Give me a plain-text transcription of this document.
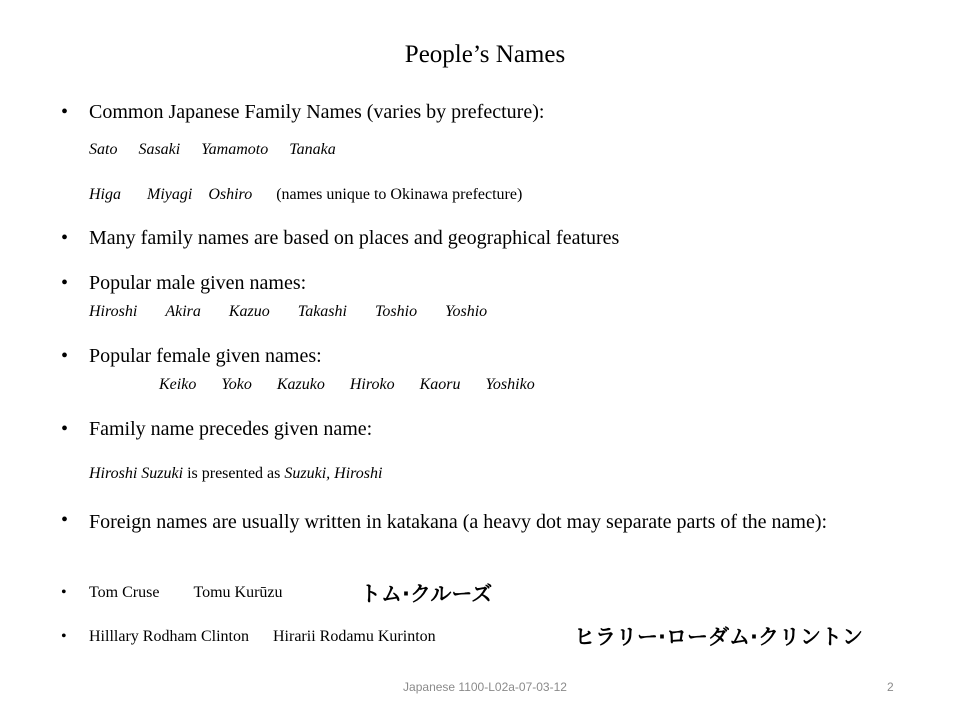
People’s Names
• Common Japanese Family Names (varies by prefecture):
Sato Sasaki Yamamoto Tanaka
Higa Miyagi Oshiro (names unique to Okinawa prefecture)
• Many family names are based on places and geographical features
• Popular male given names:
Hiroshi Akira Kazuo Takashi Toshio Yoshio
• Popular female given names:
Keiko Yoko Kazuko Hiroko Kaoru Yoshiko
• Family name precedes given name:
Hiroshi Suzuki is presented as Suzuki, Hiroshi
• Foreign names are usually written in katakana (a heavy dot may separate parts of the name):
• Tom Cruse Tomu Kurūzu	トム·クルーズ
• Hilllary Rodham Clinton Hirarii Rodamu Kurinton	ヒラリー·ローダム·クリントン
Japanese 1100-L02a-07-03-12	2
